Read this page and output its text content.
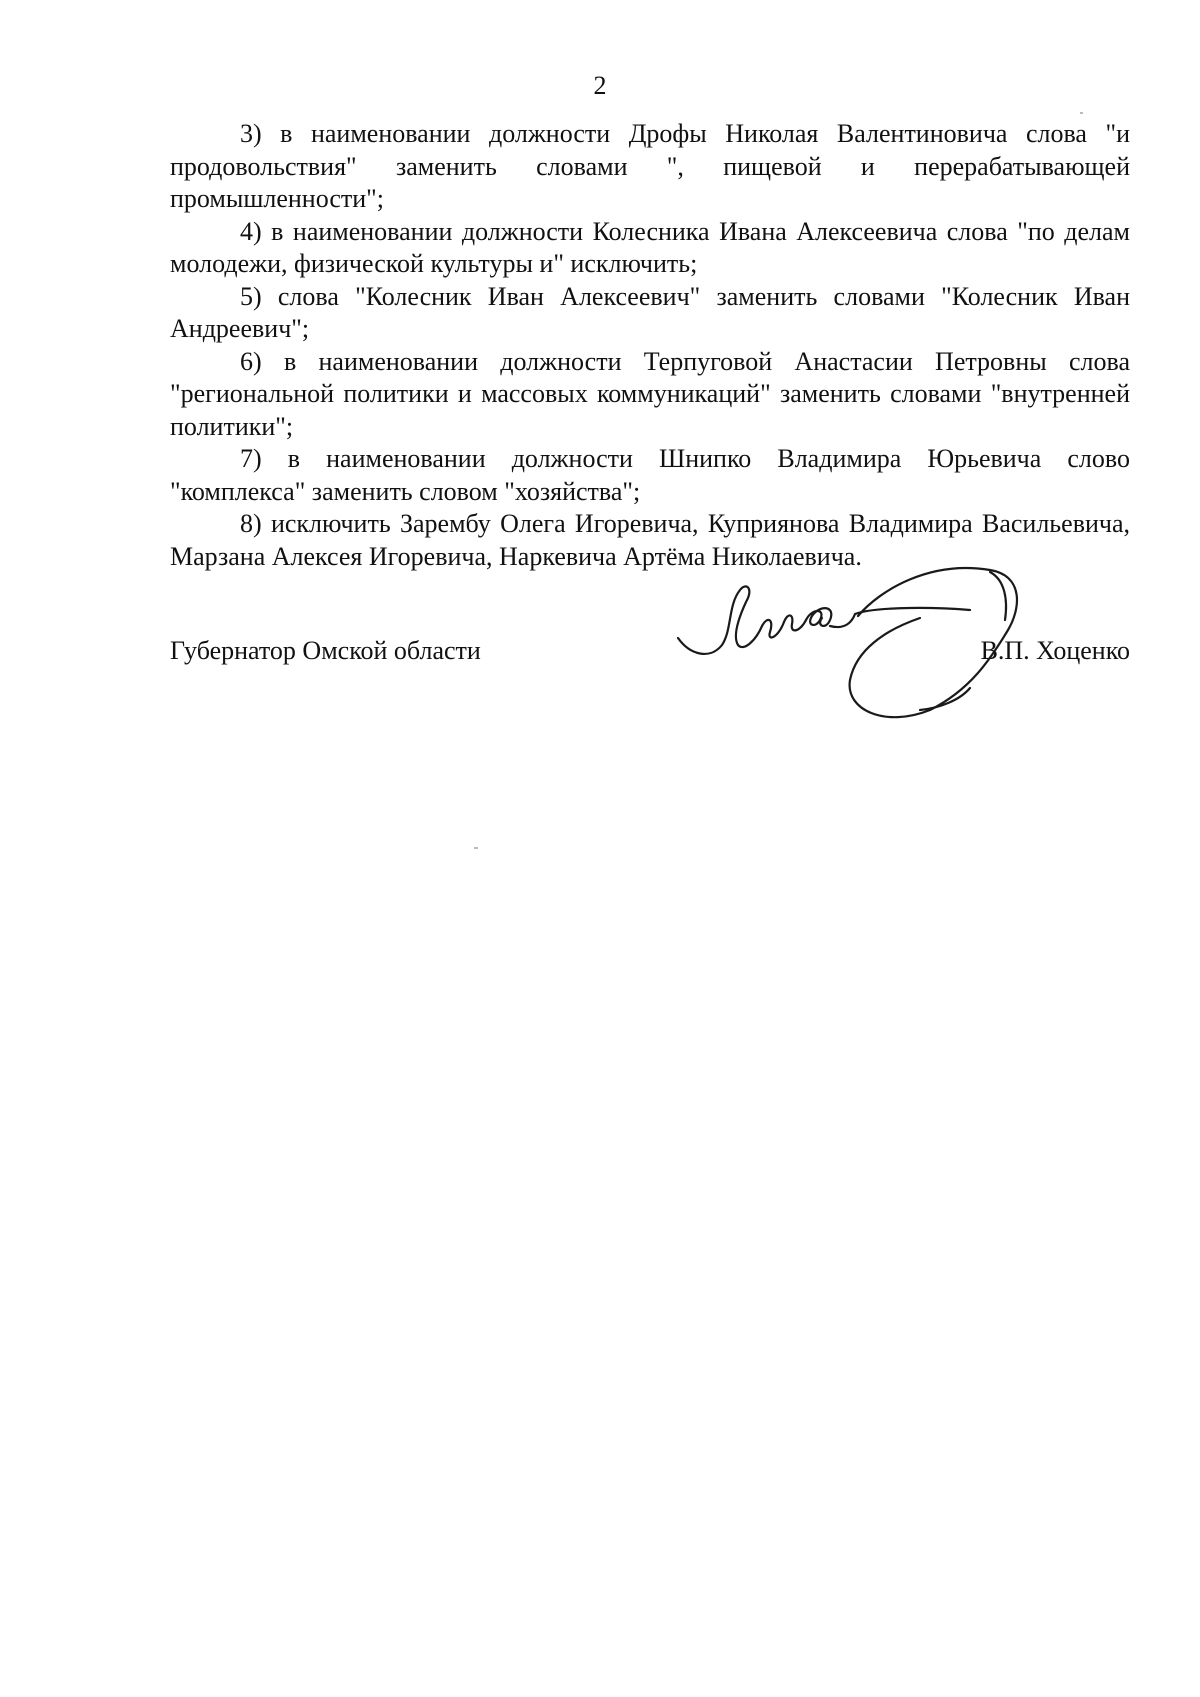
2

3) в наименовании должности Дрофы Николая Валентиновича слова "и продовольствия" заменить словами ", пищевой и перерабатывающей промышленности";

4) в наименовании должности Колесника Ивана Алексеевича слова "по делам молодежи, физической культуры и" исключить;

5) слова "Колесник Иван Алексеевич" заменить словами "Колесник Иван Андреевич";

6) в наименовании должности Терпуговой Анастасии Петровны слова "региональной политики и массовых коммуникаций" заменить словами "внутренней политики";

7) в наименовании должности Шнипко Владимира Юрьевича слово "комплекса" заменить словом "хозяйства";

8) исключить Зарембу Олега Игоревича, Куприянова Владимира Васильевича, Марзана Алексея Игоревича, Наркевича Артёма Николаевича.

Губернатор Омской области	В.П. Хоценко
